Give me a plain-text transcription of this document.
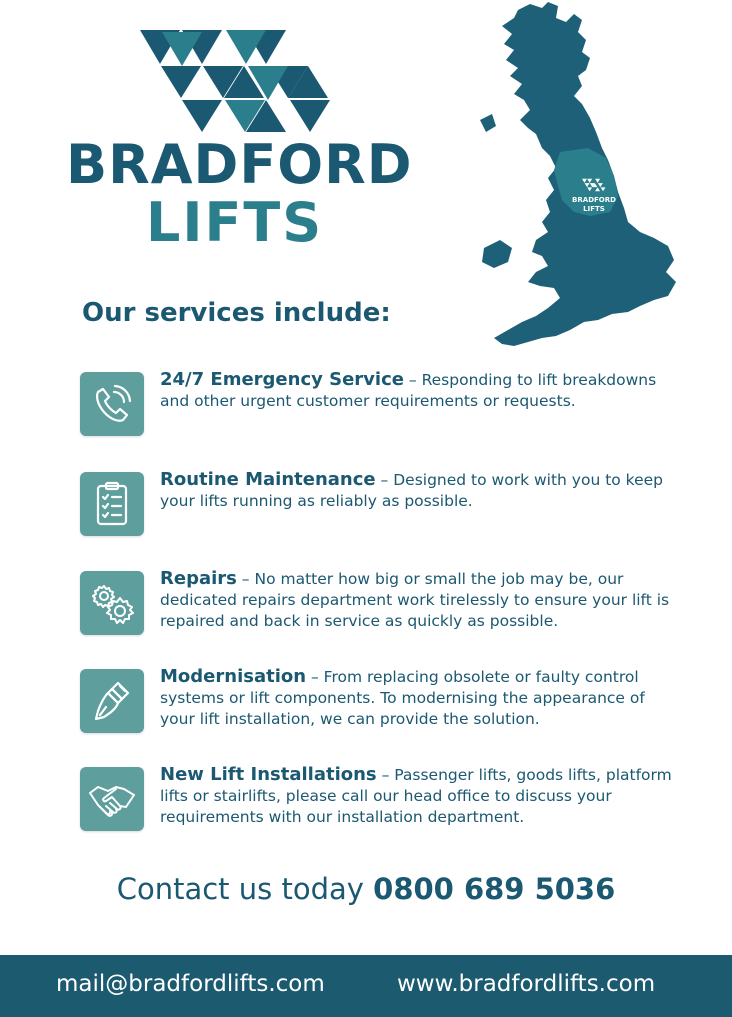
BRADFORD
LIFTS	BRADFORD
LIFTS
Our services include:
24/7 Emergency Service – Responding to lift breakdowns and other urgent customer requirements or requests.
Routine Maintenance – Designed to work with you to keep your lifts running as reliably as possible.
Repairs – No matter how big or small the job may be, our dedicated repairs department work tirelessly to ensure your lift is repaired and back in service as quickly as possible.
Modernisation – From replacing obsolete or faulty control systems or lift components. To modernising the appearance of your lift installation, we can provide the solution.
New Lift Installations – Passenger lifts, goods lifts, platform lifts or stairlifts, please call our head office to discuss your requirements with our installation department.
Contact us today 0800 689 5036
mail@bradfordlifts.com	www.bradfordlifts.com
